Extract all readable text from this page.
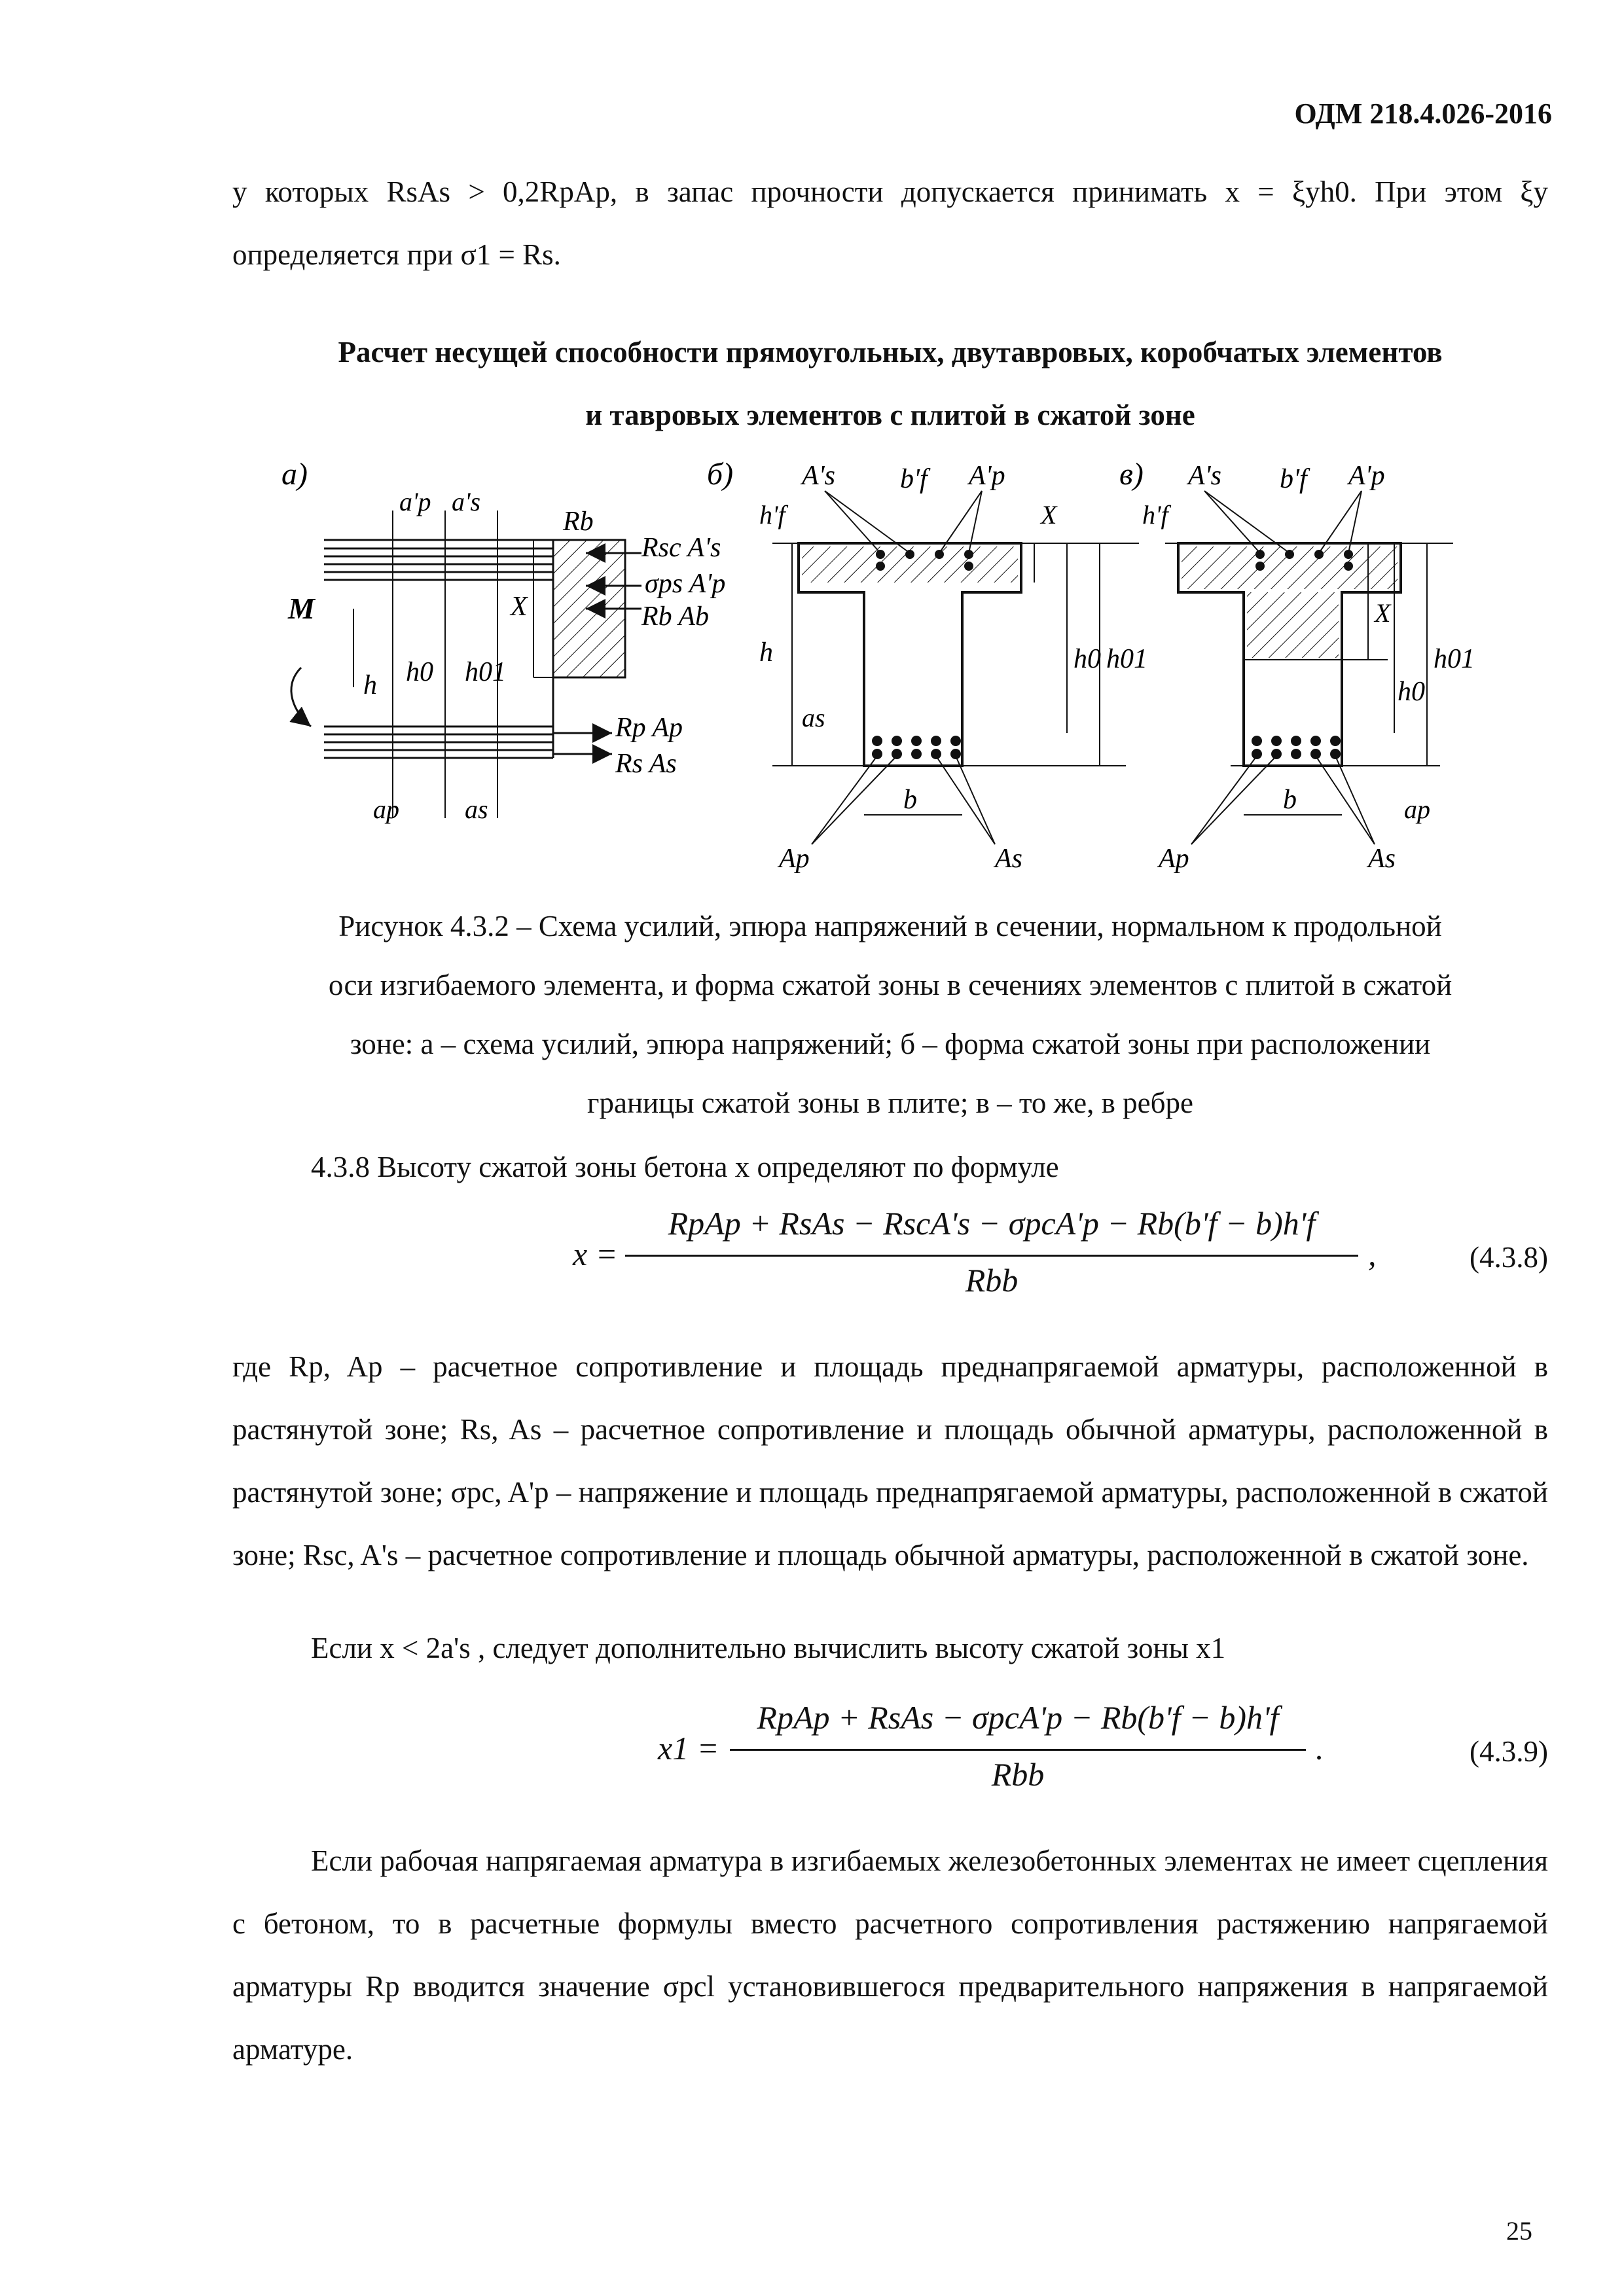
ОДМ 218.4.026-2016
у которых RsAs > 0,2RpAp, в запас прочности допускается принимать x = ξyh0. При этом ξy
определяется при σ1 = Rs.
Расчет несущей способности прямоугольных, двутавровых, коробчатых элементов
и тавровых элементов с плитой в сжатой зоне
а)
Rb
Rsc A's
σps A'p
Rb Ab
Rp Ap
Rs As
M	X
h h0 h01
a'p a's
ap	as
б) A's b'f A'p
h'f
h
X
h0 h01
as
b
Ap	As
в) A's b'f A'p
h'f
X
h0
h01
ap
b
Ap	As
Рисунок 4.3.2 – Схема усилий, эпюра напряжений в сечении, нормальном к продольной
оси изгибаемого элемента, и форма сжатой зоны в сечениях элементов с плитой в сжатой
зоне: а – схема усилий, эпюра напряжений; б – форма сжатой зоны при расположении
границы сжатой зоны в плите; в – то же, в ребре
4.3.8 Высоту сжатой зоны бетона x определяют по формуле
x =
RpAp + RsAs − RscA's − σpcA'p − Rb(b'f − b)h'f
Rbb
,	(4.3.8)
где Rp, Ap – расчетное сопротивление и площадь преднапрягаемой арматуры, расположенной в растянутой зоне; Rs, As – расчетное сопротивление и площадь обычной арматуры, расположенной в растянутой зоне; σpc, A'p – напряжение и площадь преднапрягаемой арматуры, расположенной в сжатой зоне; Rsc, A's – расчетное сопротивление и площадь обычной арматуры, расположенной в сжатой зоне.
Если x < 2a's , следует дополнительно вычислить высоту сжатой зоны x1
x1 =
RpAp + RsAs − σpcA'p − Rb(b'f − b)h'f
Rbb
.	(4.3.9)
Если рабочая напрягаемая арматура в изгибаемых железобетонных элементах не имеет сцепления с бетоном, то в расчетные формулы вместо расчетного сопротивления растяжению напрягаемой арматуры Rp вводится значение σpcl установившегося предварительного напряжения в напрягаемой арматуре.
25
